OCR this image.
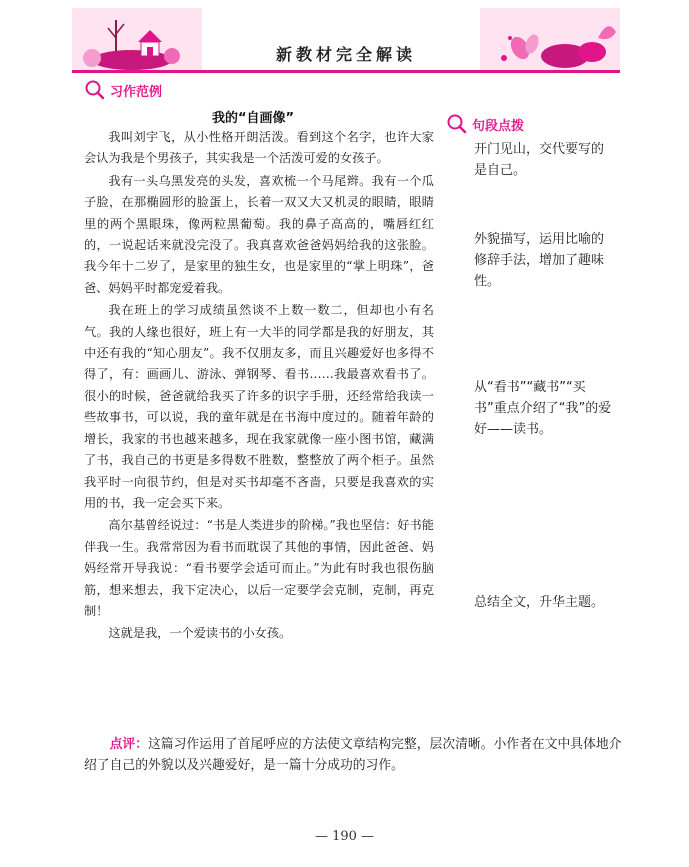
新教材完全解读
习作范例
句段点拨
我的“自画像”

我叫刘宇飞，从小性格开朗活泼。看到这个名字，也许大家会认为我是个男孩子，其实我是一个活泼可爱的女孩子。

我有一头乌黑发亮的头发，喜欢梳一个马尾辫。我有一个瓜子脸，在那椭圆形的脸蛋上，长着一双又大又机灵的眼睛，眼睛里的两个黑眼珠，像两粒黑葡萄。我的鼻子高高的，嘴唇红红的，一说起话来就没完没了。我真喜欢爸爸妈妈给我的这张脸。我今年十二岁了，是家里的独生女，也是家里的“掌上明珠”，爸爸、妈妈平时都宠爱着我。

我在班上的学习成绩虽然谈不上数一数二，但却也小有名气。我的人缘也很好，班上有一大半的同学都是我的好朋友，其中还有我的“知心朋友”。我不仅朋友多，而且兴趣爱好也多得不得了，有：画画儿、游泳、弹钢琴、看书……我最喜欢看书了。很小的时候，爸爸就给我买了许多的识字手册，还经常给我读一些故事书，可以说，我的童年就是在书海中度过的。随着年龄的增长，我家的书也越来越多，现在我家就像一座小图书馆，藏满了书，我自己的书更是多得数不胜数，整整放了两个柜子。虽然我平时一向很节约，但是对买书却毫不吝啬，只要是我喜欢的实用的书，我一定会买下来。

高尔基曾经说过：“书是人类进步的阶梯。”我也坚信：好书能伴我一生。我常常因为看书而耽误了其他的事情，因此爸爸、妈妈经常开导我说：“看书要学会适可而止。”为此有时我也很伤脑筋，想来想去，我下定决心，以后一定要学会克制，克制，再克制！

这就是我，一个爱读书的小女孩。

开门见山，交代要写的是自己。
外貌描写，运用比喻的修辞手法，增加了趣味性。
从“看书”“藏书”“买书”重点介绍了“我”的爱好——读书。
总结全文，升华主题。
点评：这篇习作运用了首尾呼应的方法使文章结构完整，层次清晰。小作者在文中具体地介绍了自己的外貌以及兴趣爱好，是一篇十分成功的习作。
— 190 —
